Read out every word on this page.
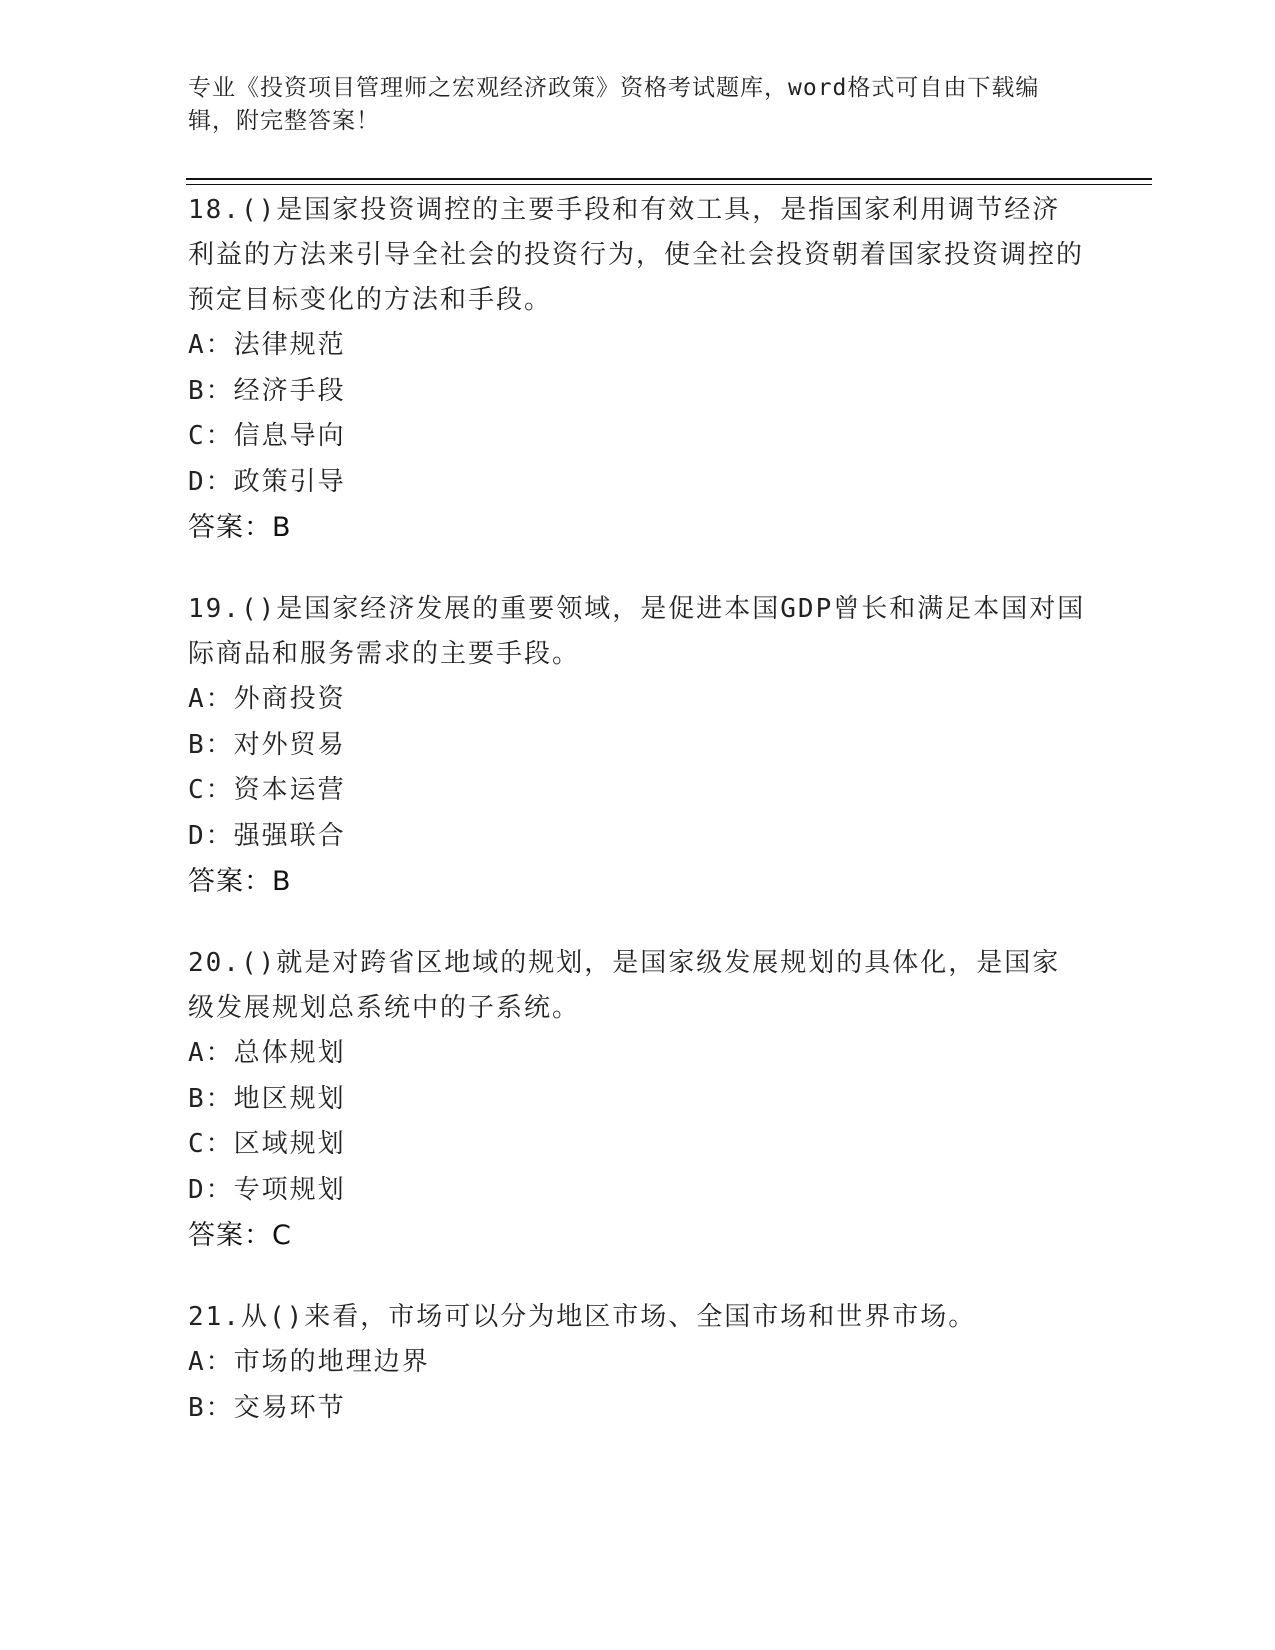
专业《投资项目管理师之宏观经济政策》资格考试题库，word格式可自由下载编辑，附完整答案！

18.()是国家投资调控的主要手段和有效工具，是指国家利用调节经济利益的方法来引导全社会的投资行为，使全社会投资朝着国家投资调控的预定目标变化的方法和手段。

A：法律规范

B：经济手段

C：信息导向

D：政策引导

答案：B

19.()是国家经济发展的重要领域，是促进本国GDP曾长和满足本国对国际商品和服务需求的主要手段。

A：外商投资

B：对外贸易

C：资本运营

D：强强联合

答案：B

20.()就是对跨省区地域的规划，是国家级发展规划的具体化，是国家级发展规划总系统中的子系统。

A：总体规划

B：地区规划

C：区域规划

D：专项规划

答案：C

21.从()来看，市场可以分为地区市场、全国市场和世界市场。

A：市场的地理边界

B：交易环节
